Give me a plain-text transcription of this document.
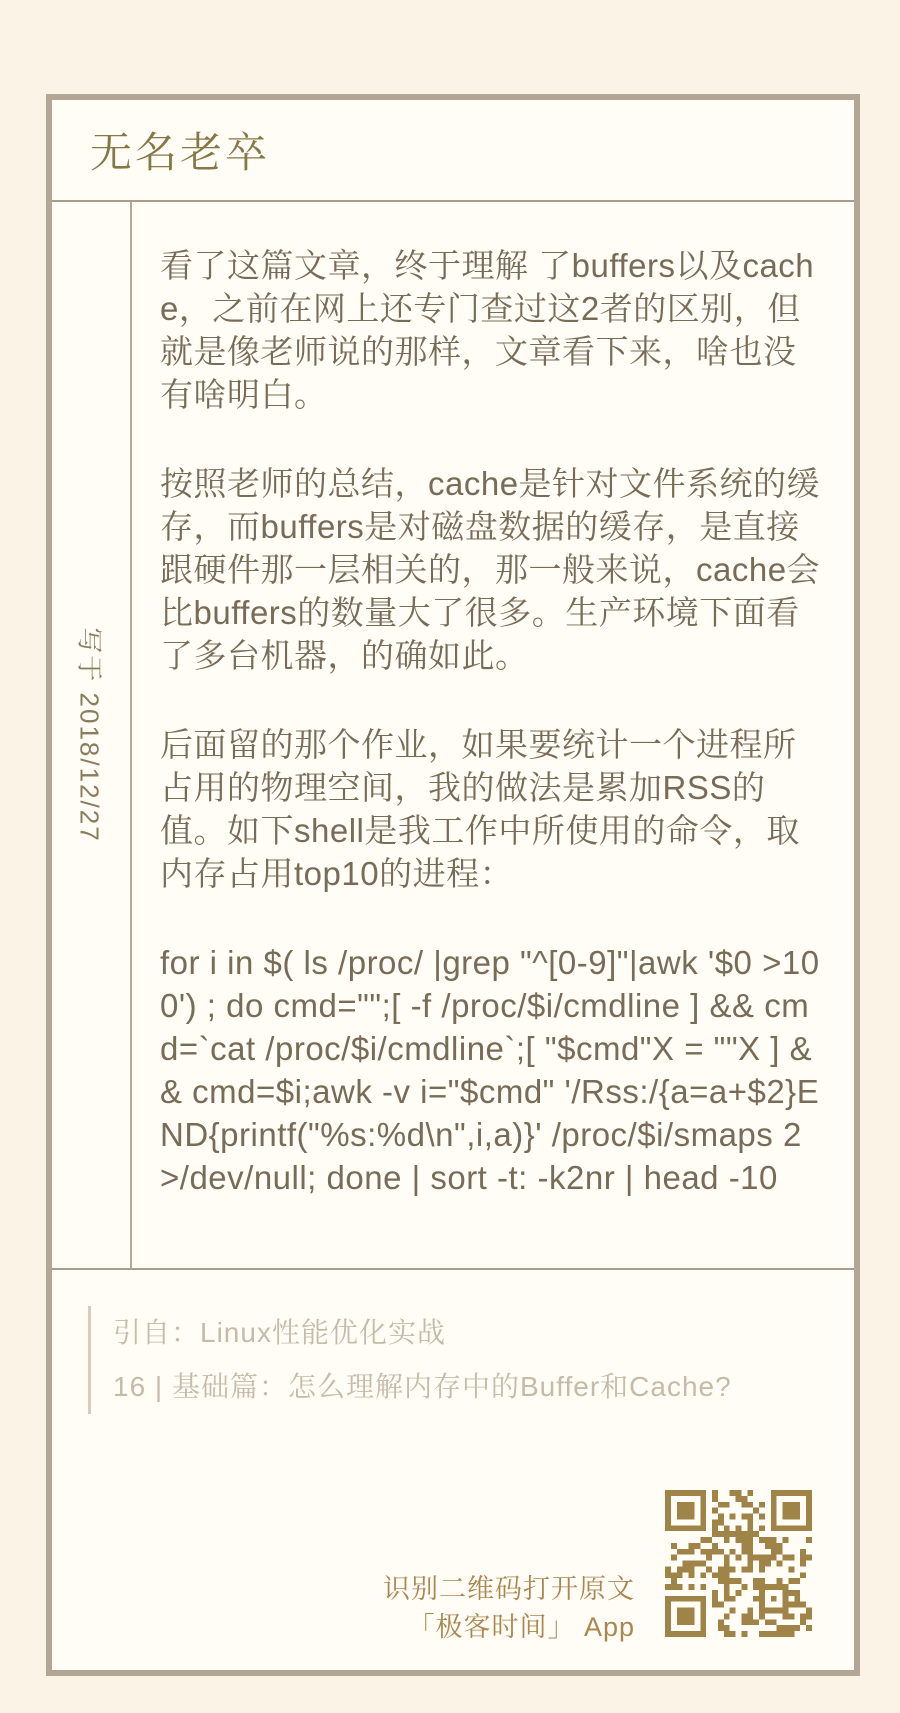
无名老卒
写于 2018/12/27

看了这篇文章，终于理解 了buffers以及cache，之前在网上还专门查过这2者的区别，但就是像老师说的那样，文章看下来，啥也没有啥明白。

按照老师的总结，cache是针对文件系统的缓存，而buffers是对磁盘数据的缓存，是直接跟硬件那一层相关的，那一般来说，cache会比buffers的数量大了很多。生产环境下面看了多台机器，的确如此。

后面留的那个作业，如果要统计一个进程所占用的物理空间，我的做法是累加RSS的值。如下shell是我工作中所使用的命令，取内存占用top10的进程：

for i in $( ls /proc/ |grep "^[0-9]"|awk '$0 >100') ; do cmd="";[ -f /proc/$i/cmdline ] && cmd=`cat /proc/$i/cmdline`;[ "$cmd"X = ""X ] && cmd=$i;awk -v i="$cmd" '/Rss:/{a=a+$2}END{printf("%s:%d\n",i,a)}' /proc/$i/smaps 2>/dev/null; done | sort -t: -k2nr | head -10

引自：Linux性能优化实战
16 | 基础篇：怎么理解内存中的Buffer和Cache?
识别二维码打开原文
「极客时间」 App
